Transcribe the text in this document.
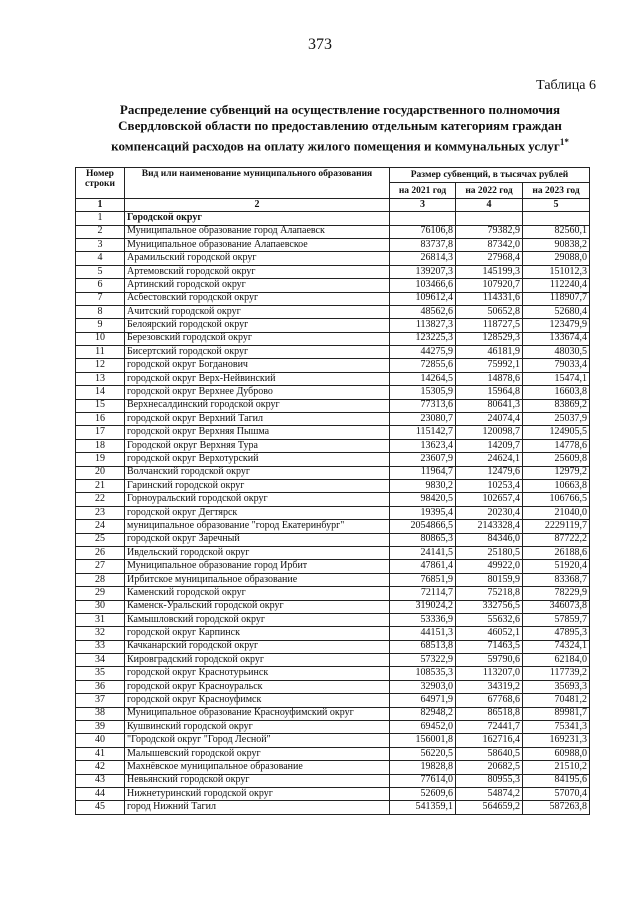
373
Таблица 6
Распределение субвенций на осуществление государственного полномочия
Свердловской области по предоставлению отдельным категориям граждан
компенсаций расходов на оплату жилого помещения и коммунальных услуг$^{1*}$
Номер строки	Вид или наименование муниципального образования	Размер субвенций, в тысячах рублей		
		на 2021 год	на 2022 год	на 2023 год
1	2	3	4	5
1	Городской округ			
2	Муниципальное образование город Алапаевск	76106,8	79382,9	82560,1
3	Муниципальное образование Алапаевское	83737,8	87342,0	90838,2
4	Арамильский городской округ	26814,3	27968,4	29088,0
5	Артемовский городской округ	139207,3	145199,3	151012,3
6	Артинский городской округ	103466,6	107920,7	112240,4
7	Асбестовский городской округ	109612,4	114331,6	118907,7
8	Ачитский городской округ	48562,6	50652,8	52680,4
9	Белоярский городской округ	113827,3	118727,5	123479,9
10	Березовский городской округ	123225,3	128529,3	133674,4
11	Бисертский городской округ	44275,9	46181,9	48030,5
12	городской округ Богданович	72855,6	75992,1	79033,4
13	городской округ Верх-Нейвинский	14264,5	14878,6	15474,1
14	городской округ Верхнее Дуброво	15305,9	15964,8	16603,8
15	Верхнесалдинский городской округ	77313,6	80641,3	83869,2
16	городской округ Верхний Тагил	23080,7	24074,4	25037,9
17	городской округ Верхняя Пышма	115142,7	120098,7	124905,5
18	Городской округ Верхняя Тура	13623,4	14209,7	14778,6
19	городской округ Верхотурский	23607,9	24624,1	25609,8
20	Волчанский городской округ	11964,7	12479,6	12979,2
21	Гаринский городской округ	9830,2	10253,4	10663,8
22	Горноуральский городской округ	98420,5	102657,4	106766,5
23	городской округ Дегтярск	19395,4	20230,4	21040,0
24	муниципальное образование "город Екатеринбург"	2054866,5	2143328,4	2229119,7
25	городской округ Заречный	80865,3	84346,0	87722,2
26	Ивдельский городской округ	24141,5	25180,5	26188,6
27	Муниципальное образование город Ирбит	47861,4	49922,0	51920,4
28	Ирбитское муниципальное образование	76851,9	80159,9	83368,7
29	Каменский городской округ	72114,7	75218,8	78229,9
30	Каменск-Уральский городской округ	319024,2	332756,5	346073,8
31	Камышловский городской округ	53336,9	55632,6	57859,7
32	городской округ Карпинск	44151,3	46052,1	47895,3
33	Качканарский городской округ	68513,8	71463,5	74324,1
34	Кировградский городской округ	57322,9	59790,6	62184,0
35	городской округ Краснотурьинск	108535,3	113207,0	117739,2
36	городской округ Красноуральск	32903,0	34319,2	35693,3
37	городской округ Красноуфимск	64971,9	67768,6	70481,2
38	Муниципальное образование Красноуфимский округ	82948,2	86518,8	89981,7
39	Кушвинский городской округ	69452,0	72441,7	75341,3
40	"Городской округ "Город Лесной"	156001,8	162716,4	169231,3
41	Малышевский городской округ	56220,5	58640,5	60988,0
42	Махнёвское муниципальное образование	19828,8	20682,5	21510,2
43	Невьянский городской округ	77614,0	80955,3	84195,6
44	Нижнетуринский городской округ	52609,6	54874,2	57070,4
45	город Нижний Тагил	541359,1	564659,2	587263,8
